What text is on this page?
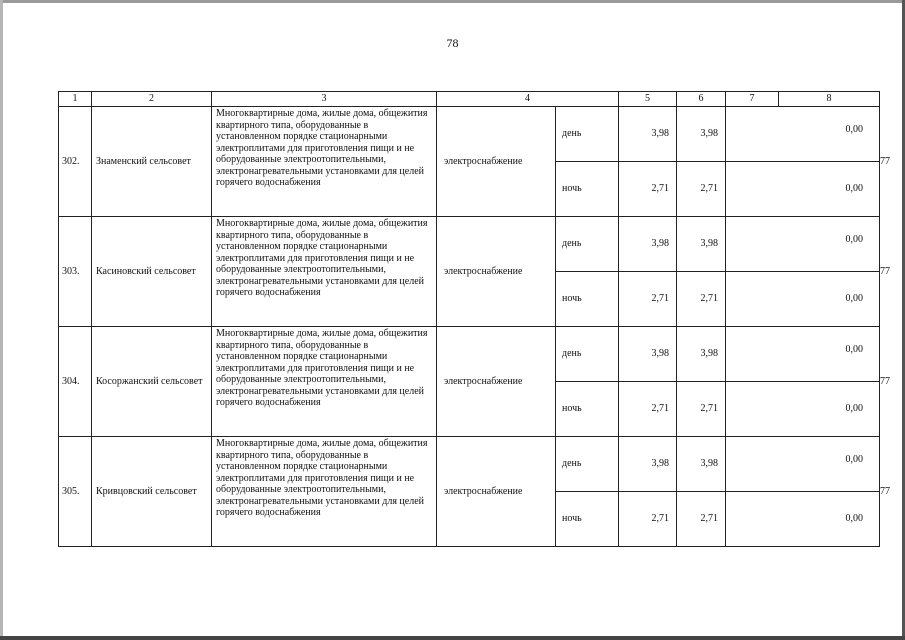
78
1	2	3	4		5	6	7	8	
302.	Знаменский сельсовет	Многоквартирные дома, жилые дома, общежития квартирного типа, оборудованные в установленном порядке стационарными электроплитами для приготовления пищи и не оборудованные электроотопительными, электронагревательными установками для целей горячего водоснабжения	электроснабжение	день	3,98	3,98	0,00		77
				ночь	2,71	2,71	0,00		
303.	Касиновский сельсовет	Многоквартирные дома, жилые дома, общежития квартирного типа, оборудованные в установленном порядке стационарными электроплитами для приготовления пищи и не оборудованные электроотопительными, электронагревательными установками для целей горячего водоснабжения	электроснабжение	день	3,98	3,98	0,00		77
				ночь	2,71	2,71	0,00		
304.	Косоржанский сельсовет	Многоквартирные дома, жилые дома, общежития квартирного типа, оборудованные в установленном порядке стационарными электроплитами для приготовления пищи и не оборудованные электроотопительными, электронагревательными установками для целей горячего водоснабжения	электроснабжение	день	3,98	3,98	0,00		77
				ночь	2,71	2,71	0,00		
305.	Кривцовский сельсовет	Многоквартирные дома, жилые дома, общежития квартирного типа, оборудованные в установленном порядке стационарными электроплитами для приготовления пищи и не оборудованные электроотопительными, электронагревательными установками для целей горячего водоснабжения	электроснабжение	день	3,98	3,98	0,00		77
				ночь	2,71	2,71	0,00		
